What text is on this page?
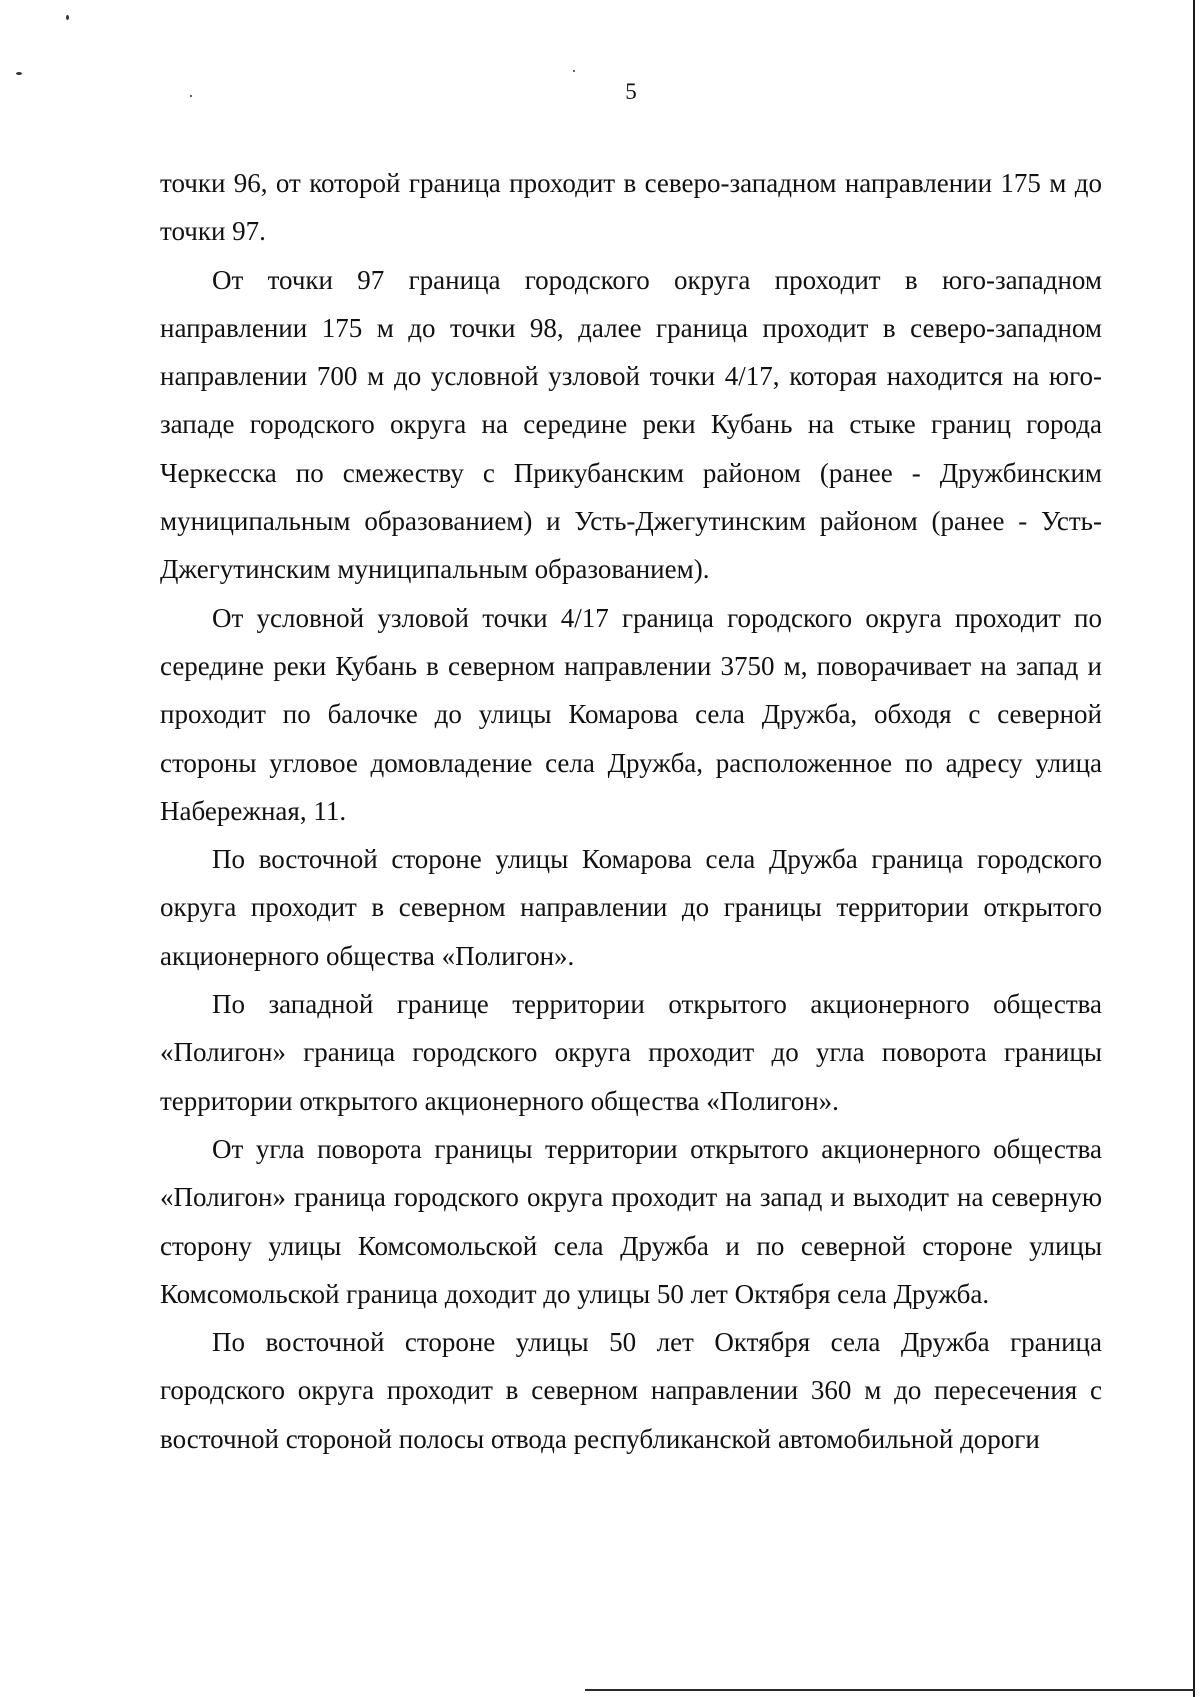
5

точки 96, от которой граница проходит в северо-западном направлении 175 м до точки 97.

От точки 97 граница городского округа проходит в юго-западном направлении 175 м до точки 98, далее граница проходит в северо-западном направлении 700 м до условной узловой точки 4/17, которая находится на юго-западе городского округа на середине реки Кубань на стыке границ города Черкесска по смежеству с Прикубанским районом (ранее - Дружбинским муниципальным образованием) и Усть-Джегутинским районом (ранее - Усть-Джегутинским муниципальным образованием).

От условной узловой точки 4/17 граница городского округа проходит по середине реки Кубань в северном направлении 3750 м, поворачивает на запад и проходит по балочке до улицы Комарова села Дружба, обходя с северной стороны угловое домовладение села Дружба, расположенное по адресу улица Набережная, 11.

По восточной стороне улицы Комарова села Дружба граница городского округа проходит в северном направлении до границы территории открытого акционерного общества «Полигон».

По западной границе территории открытого акционерного общества «Полигон» граница городского округа проходит до угла поворота границы территории открытого акционерного общества «Полигон».

От угла поворота границы территории открытого акционерного общества «Полигон» граница городского округа проходит на запад и выходит на северную сторону улицы Комсомольской села Дружба и по северной стороне улицы Комсомольской граница доходит до улицы 50 лет Октября села Дружба.

По восточной стороне улицы 50 лет Октября села Дружба граница городского округа проходит в северном направлении 360 м до пересечения с восточной стороной полосы отвода республиканской автомобильной дороги
